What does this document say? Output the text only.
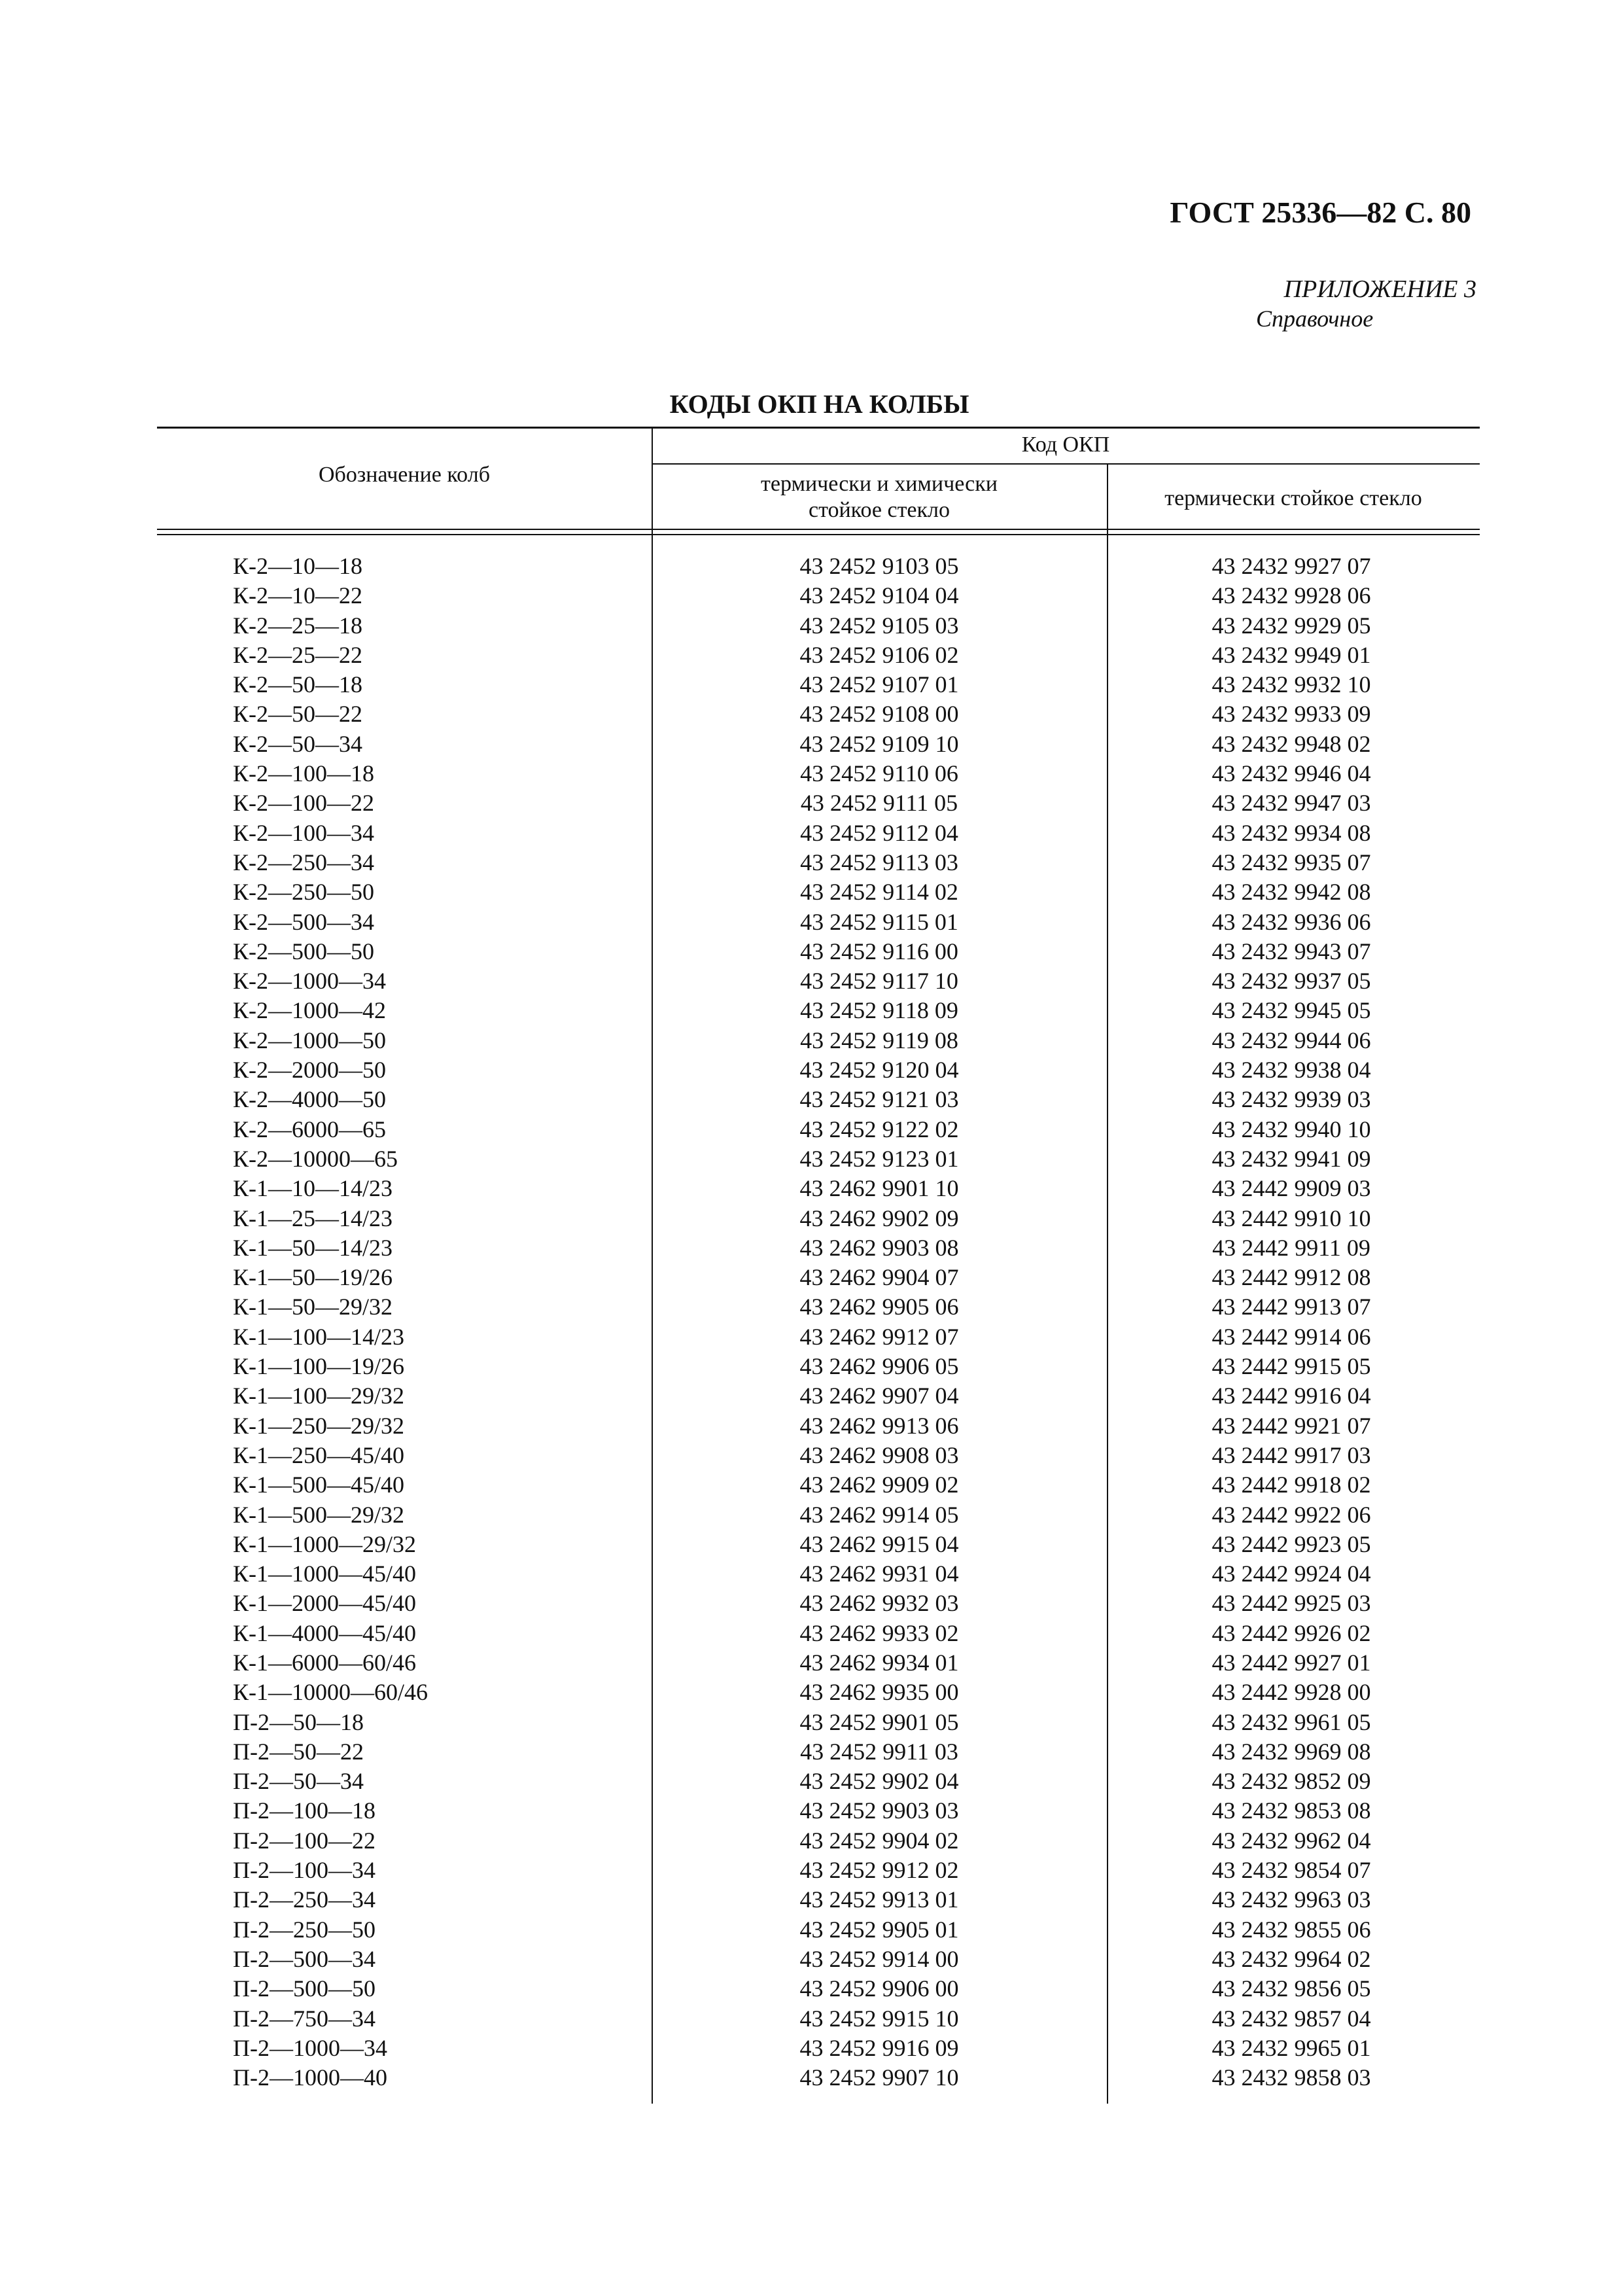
ГОСТ 25336—82 С. 80
ПРИЛОЖЕНИЕ 3
Справочное
КОДЫ ОКП НА КОЛБЫ
Обозначение колб
Код ОКП
термически и химически
стойкое стекло	термически стойкое стекло
К-2—10—18	43 2452 9103 05	43 2432 9927 07
К-2—10—22	43 2452 9104 04	43 2432 9928 06
К-2—25—18	43 2452 9105 03	43 2432 9929 05
К-2—25—22	43 2452 9106 02	43 2432 9949 01
К-2—50—18	43 2452 9107 01	43 2432 9932 10
К-2—50—22	43 2452 9108 00	43 2432 9933 09
К-2—50—34	43 2452 9109 10	43 2432 9948 02
К-2—100—18	43 2452 9110 06	43 2432 9946 04
К-2—100—22	43 2452 9111 05	43 2432 9947 03
К-2—100—34	43 2452 9112 04	43 2432 9934 08
К-2—250—34	43 2452 9113 03	43 2432 9935 07
К-2—250—50	43 2452 9114 02	43 2432 9942 08
К-2—500—34	43 2452 9115 01	43 2432 9936 06
К-2—500—50	43 2452 9116 00	43 2432 9943 07
К-2—1000—34	43 2452 9117 10	43 2432 9937 05
К-2—1000—42	43 2452 9118 09	43 2432 9945 05
К-2—1000—50	43 2452 9119 08	43 2432 9944 06
К-2—2000—50	43 2452 9120 04	43 2432 9938 04
К-2—4000—50	43 2452 9121 03	43 2432 9939 03
К-2—6000—65	43 2452 9122 02	43 2432 9940 10
К-2—10000—65	43 2452 9123 01	43 2432 9941 09
К-1—10—14/23	43 2462 9901 10	43 2442 9909 03
К-1—25—14/23	43 2462 9902 09	43 2442 9910 10
К-1—50—14/23	43 2462 9903 08	43 2442 9911 09
К-1—50—19/26	43 2462 9904 07	43 2442 9912 08
К-1—50—29/32	43 2462 9905 06	43 2442 9913 07
К-1—100—14/23	43 2462 9912 07	43 2442 9914 06
К-1—100—19/26	43 2462 9906 05	43 2442 9915 05
К-1—100—29/32	43 2462 9907 04	43 2442 9916 04
К-1—250—29/32	43 2462 9913 06	43 2442 9921 07
К-1—250—45/40	43 2462 9908 03	43 2442 9917 03
К-1—500—45/40	43 2462 9909 02	43 2442 9918 02
К-1—500—29/32	43 2462 9914 05	43 2442 9922 06
К-1—1000—29/32	43 2462 9915 04	43 2442 9923 05
К-1—1000—45/40	43 2462 9931 04	43 2442 9924 04
К-1—2000—45/40	43 2462 9932 03	43 2442 9925 03
К-1—4000—45/40	43 2462 9933 02	43 2442 9926 02
К-1—6000—60/46	43 2462 9934 01	43 2442 9927 01
К-1—10000—60/46	43 2462 9935 00	43 2442 9928 00
П-2—50—18	43 2452 9901 05	43 2432 9961 05
П-2—50—22	43 2452 9911 03	43 2432 9969 08
П-2—50—34	43 2452 9902 04	43 2432 9852 09
П-2—100—18	43 2452 9903 03	43 2432 9853 08
П-2—100—22	43 2452 9904 02	43 2432 9962 04
П-2—100—34	43 2452 9912 02	43 2432 9854 07
П-2—250—34	43 2452 9913 01	43 2432 9963 03
П-2—250—50	43 2452 9905 01	43 2432 9855 06
П-2—500—34	43 2452 9914 00	43 2432 9964 02
П-2—500—50	43 2452 9906 00	43 2432 9856 05
П-2—750—34	43 2452 9915 10	43 2432 9857 04
П-2—1000—34	43 2452 9916 09	43 2432 9965 01
П-2—1000—40	43 2452 9907 10	43 2432 9858 03
